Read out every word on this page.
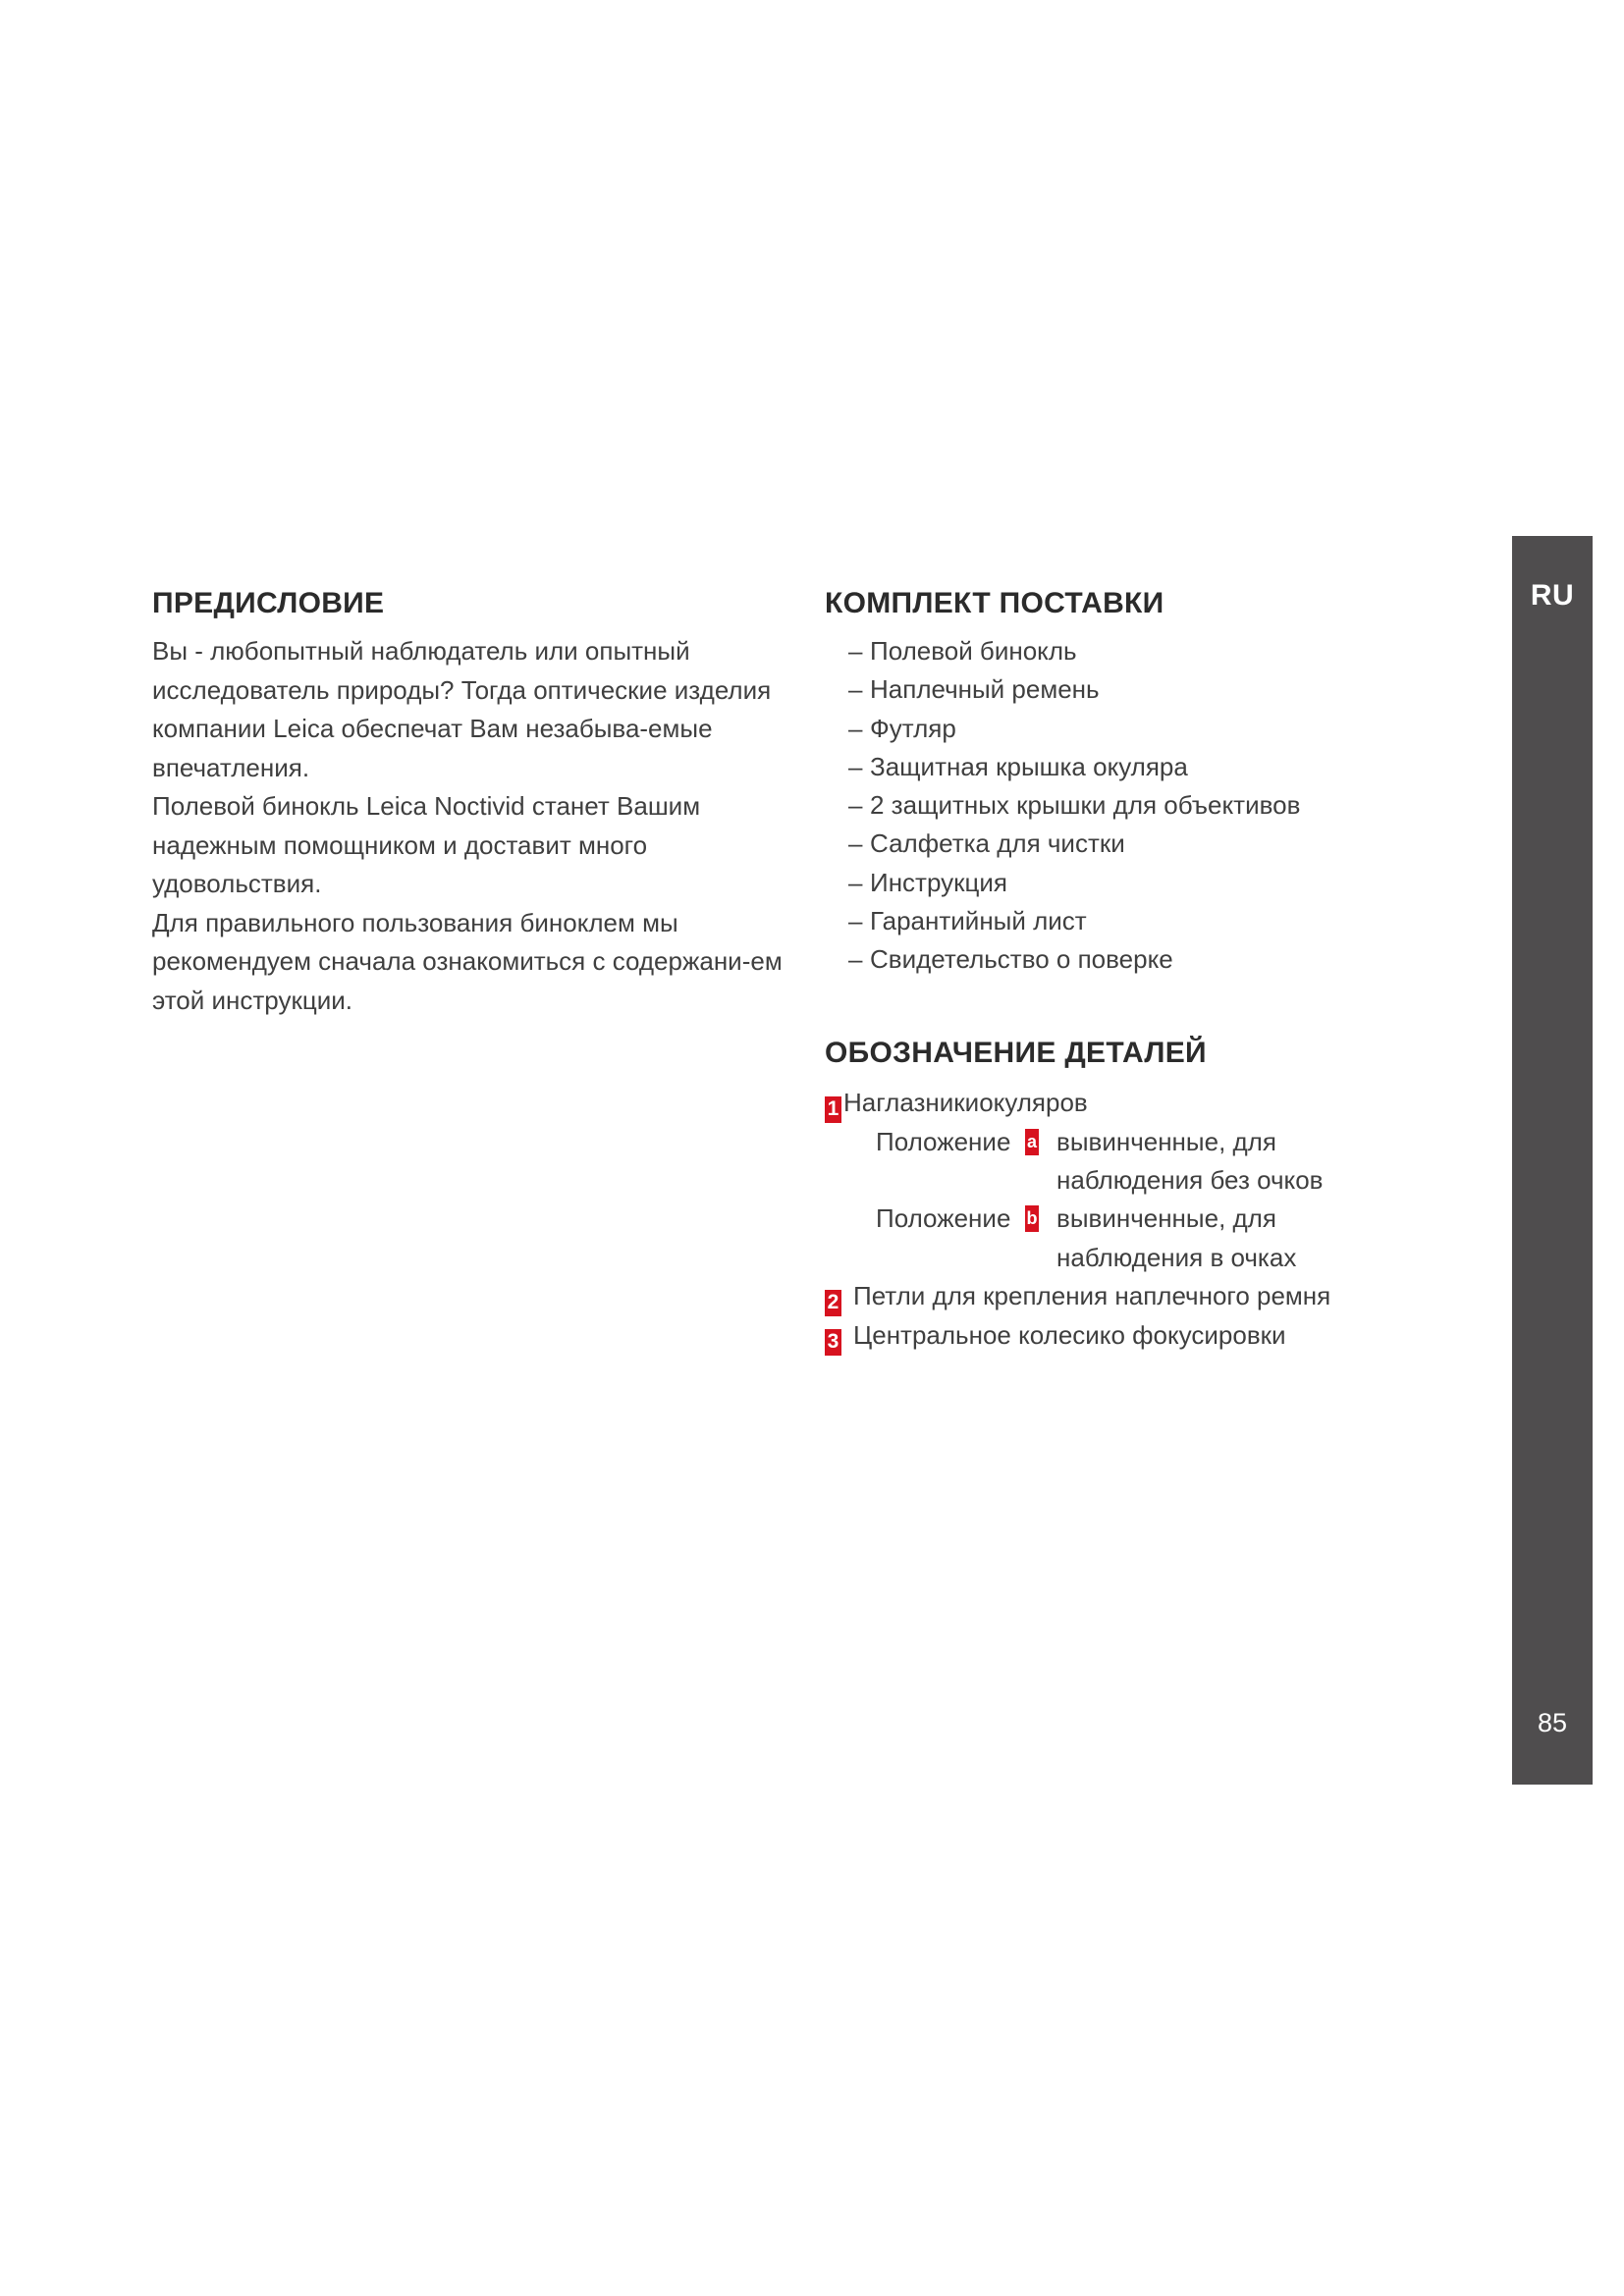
ПРЕДИСЛОВИЕ

Вы - любопытный наблюдатель или опытный исследователь природы? Тогда оптические изделия компании Leica обеспечат Вам незабыва-емые впечатления.

Полевой бинокль Leica Noctivid станет Вашим надежным помощником и доставит много удовольствия.

Для правильного пользования биноклем мы рекомендуем сначала ознакомиться с содержани-ем этой инструкции.

КОМПЛЕКТ ПОСТАВКИ
– Полевой бинокль
– Наплечный ремень
– Футляр
– Защитная крышка окуляра
– 2 защитных крышки для объективов
– Салфетка для чистки
– Инструкция
– Гарантийный лист
– Свидетельство о поверке
ОБОЗНАЧЕНИЕ ДЕТАЛЕЙ
1 Наглазникиокуляров
Положение a вывинченные, для
наблюдения без очков
Положение b вывинченные, для
наблюдения в очках
2 Петли для крепления наплечного ремня
3 Центральное колесико фокусировки
RU
85
